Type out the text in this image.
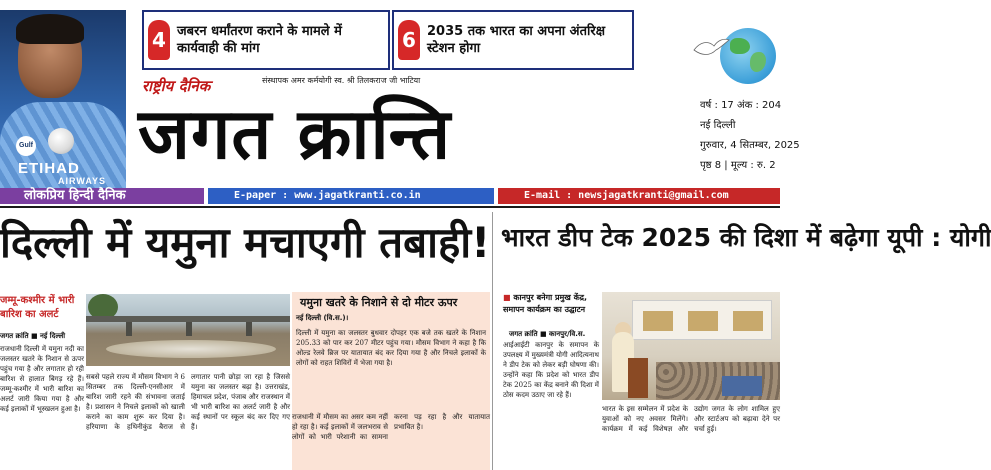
Gulf
ETIHAD
AIRWAYS
4 जबरन धर्मांतरण कराने के मामले में कार्यवाही की मांग	6 2035 तक भारत का अपना अंतरिक्ष स्टेशन होगा
राष्ट्रीय दैनिक	संस्थापक अमर कर्मयोगी स्व. श्री तिलकराज जी भाटिया
जगत क्रान्ति	वर्ष : 17 अंक : 204
नई दिल्ली
गुरुवार, 4 सितम्बर, 2025
पृष्ठ 8 | मूल्य : रु. 2
लोकप्रिय हिन्दी दैनिक	E-paper : www.jagatkranti.co.in	E-mail : newsjagatkranti@gmail.com
दिल्ली में यमुना मचाएगी तबाही! भारत डीप टेक 2025 की दिशा में बढ़ेगा यूपी : योगी
जम्मू-कश्मीर में भारी बारिश का अलर्ट
जगत क्रांति ■ नई दिल्ली
राजधानी दिल्ली में यमुना नदी का जलस्तर खतरे के निशान से ऊपर पहुंच गया है और लगातार हो रही बारिश से हालात बिगड़ रहे हैं। जम्मू-कश्मीर में भारी बारिश का अलर्ट जारी किया गया है और कई इलाकों में भूस्खलन हुआ है।
सबसे पहले राज्य में मौसम विभाग ने 6 सितम्बर तक दिल्ली-एनसीआर में बारिश जारी रहने की संभावना जताई है। प्रशासन ने निचले इलाकों को खाली कराने का काम शुरू कर दिया है। हरियाणा के हथिनीकुंड बैराज से लगातार पानी छोड़ा जा रहा है जिससे यमुना का जलस्तर बढ़ा है। उत्तराखंड, हिमाचल प्रदेश, पंजाब और राजस्थान में भी भारी बारिश का अलर्ट जारी है और कई स्थानों पर स्कूल बंद कर दिए गए हैं।
यमुना खतरे के निशाने से दो मीटर ऊपर
नई दिल्ली (वि.स.)।
दिल्ली में यमुना का जलस्तर बुधवार दोपहर एक बजे तक खतरे के निशान 205.33 को पार कर 207 मीटर पहुंच गया। मौसम विभाग ने कहा है कि ओल्ड रेलवे ब्रिज पर यातायात बंद कर दिया गया है और निचले इलाकों के लोगों को राहत शिविरों में भेजा गया है।
राजधानी में मौसम का असर कम नहीं हो रहा है। कई इलाकों में जलभराव से लोगों को भारी परेशानी का सामना करना पड़ रहा है और यातायात प्रभावित है।
■ कानपुर बनेगा प्रमुख केंद्र, समापन कार्यक्रम का उद्घाटन
जगत क्रांति ■ कानपुर/वि.स.
आईआईटी कानपुर के समापन के उपलक्ष्य में मुख्यमंत्री योगी आदित्यनाथ ने डीप टेक को लेकर बड़ी घोषणा की। उन्होंने कहा कि प्रदेश को भारत डीप टेक 2025 का केंद्र बनाने की दिशा में ठोस कदम उठाए जा रहे हैं।
भारत के इस सम्मेलन में प्रदेश के युवाओं को नए अवसर मिलेंगे। कार्यक्रम में कई विशेषज्ञ और उद्योग जगत के लोग शामिल हुए और स्टार्टअप को बढ़ावा देने पर चर्चा हुई।
